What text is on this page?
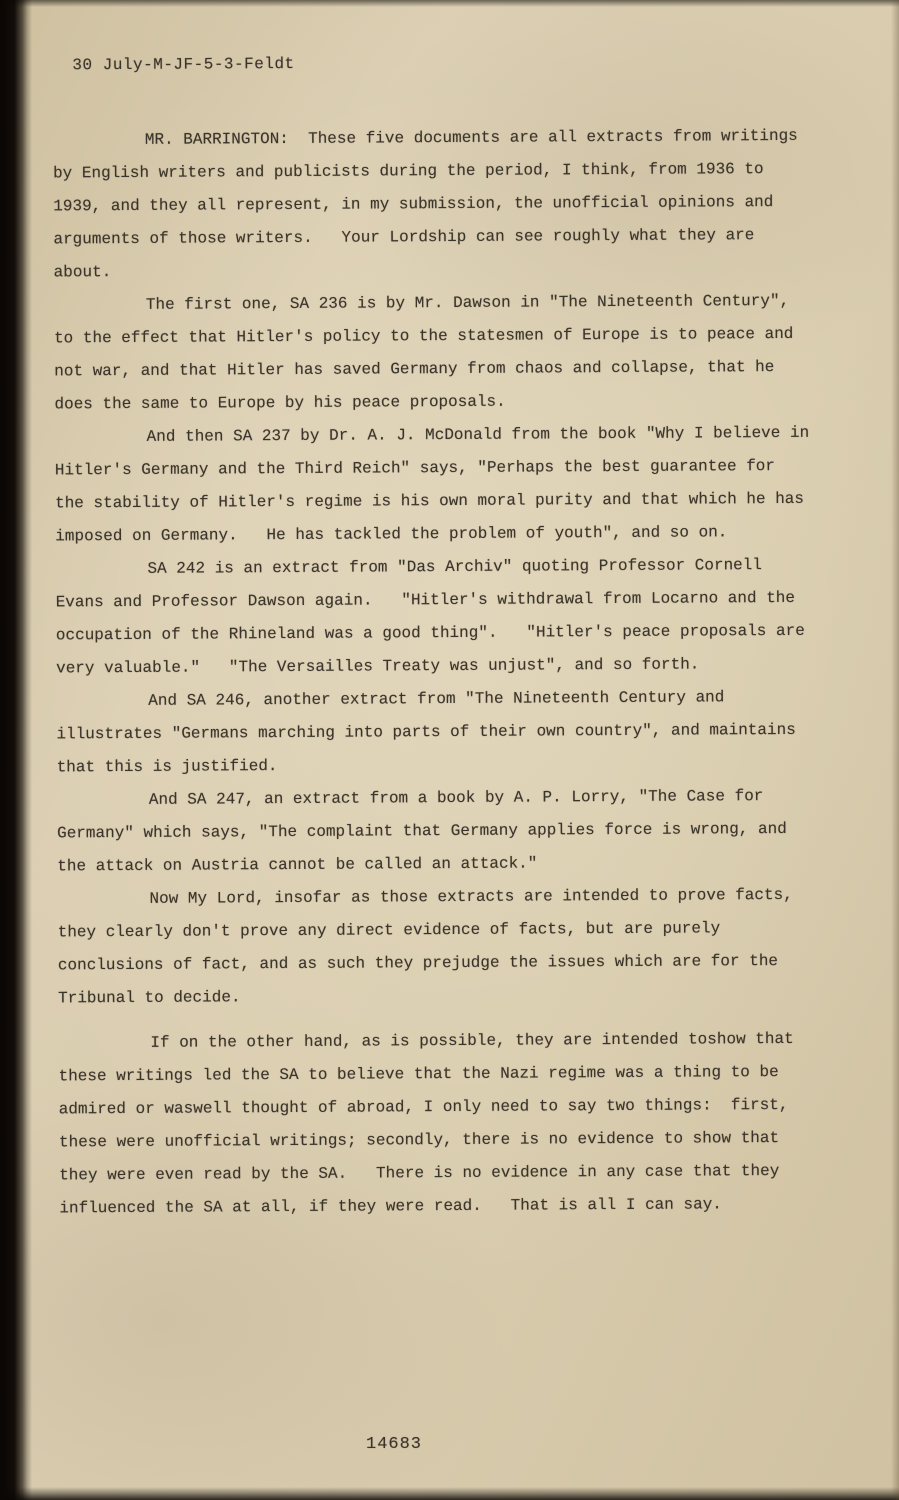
30 July-M-JF-5-3-Feldt

MR. BARRINGTON:  These five documents are all extracts from writings by English writers and publicists during the period, I think, from 1936 to 1939, and they all represent, in my submission, the unofficial opinions and arguments of those writers.   Your Lordship can see roughly what they are about.

The first one, SA 236 is by Mr. Dawson in "The Nineteenth Century", to the effect that Hitler's policy to the statesmen of Europe is to peace and not war, and that Hitler has saved Germany from chaos and collapse, that he does the same to Europe by his peace proposals.

And then SA 237 by Dr. A. J. McDonald from the book "Why I believe in Hitler's Germany and the Third Reich" says, "Perhaps the best guarantee for the stability of Hitler's regime is his own moral purity and that which he has imposed on Germany.   He has tackled the problem of youth", and so on.

SA 242 is an extract from "Das Archiv" quoting Professor Cornell Evans and Professor Dawson again.   "Hitler's withdrawal from Locarno and the occupation of the Rhineland was a good thing".   "Hitler's peace proposals are very valuable."   "The Versailles Treaty was unjust", and so forth.

And SA 246, another extract from "The Nineteenth Century and illustrates "Germans marching into parts of their own country", and maintains that this is justified.

And SA 247, an extract from a book by A. P. Lorry, "The Case for Germany" which says, "The complaint that Germany applies force is wrong, and the attack on Austria cannot be called an attack."

Now My Lord, insofar as those extracts are intended to prove facts, they clearly don't prove any direct evidence of facts, but are purely conclusions of fact, and as such they prejudge the issues which are for the Tribunal to decide.

If on the other hand, as is possible, they are intended toshow that these writings led the SA to believe that the Nazi regime was a thing to be admired or waswell thought of abroad, I only need to say two things:  first, these were unofficial writings; secondly, there is no evidence to show that they were even read by the SA.   There is no evidence in any case that they influenced the SA at all, if they were read.   That is all I can say.

14683
